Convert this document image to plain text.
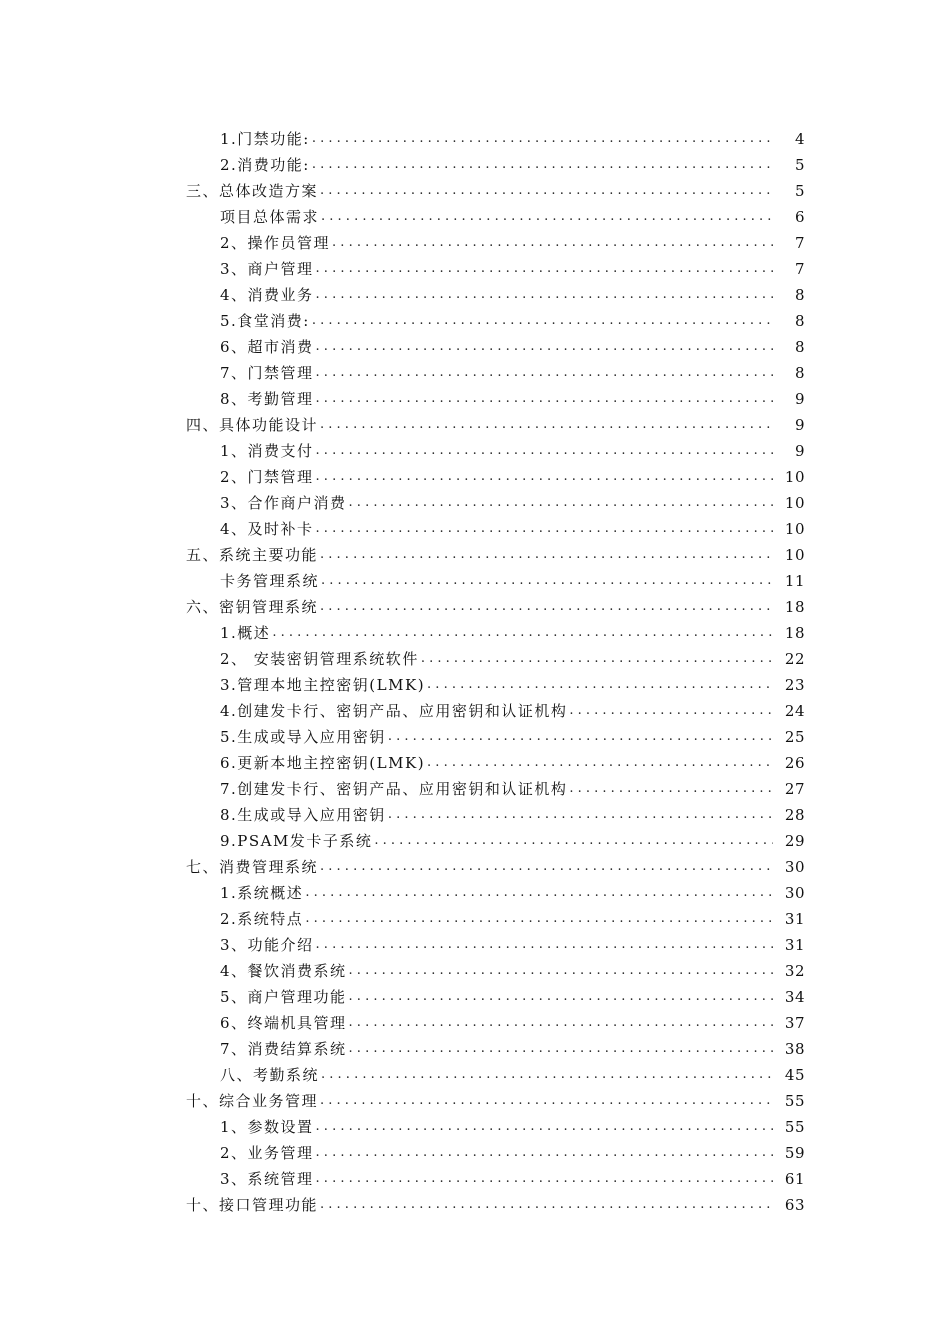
1.门禁功能: . . .	4
2.消费功能: . . .	5
三、总体改造方案 . . .	5
项目总体需求 . . .	6
2、操作员管理 . . .	7
3、商户管理 . . .	7
4、消费业务 . . .	8
5.食堂消费: . . .	8
6、超市消费 . . .	8
7、门禁管理 . . .	8
8、考勤管理 . . .	9
四、具体功能设计 . . .	9
1、消费支付 . . .	9
2、门禁管理 . . .	10
3、合作商户消费 . . .	10
4、及时补卡 . . .	10
五、系统主要功能 . . .	10
卡务管理系统 . . .	11
六、密钥管理系统 . . .	18
1.概述 . . .	18
2、 安装密钥管理系统软件 . . .	22
3.管理本地主控密钥(LMK) . . .	23
4.创建发卡行、密钥产品、应用密钥和认证机构 . . .	24
5.生成或导入应用密钥 . . .	25
6.更新本地主控密钥(LMK) . . .	26
7.创建发卡行、密钥产品、应用密钥和认证机构 . . .	27
8.生成或导入应用密钥 . . .	28
9.PSAM发卡子系统 . . .	29
七、消费管理系统 . . .	30
1.系统概述 . . .	30
2.系统特点 . . .	31
3、功能介绍 . . .	31
4、餐饮消费系统 . . .	32
5、商户管理功能 . . .	34
6、终端机具管理 . . .	37
7、消费结算系统 . . .	38
八、考勤系统 . . .	45
十、综合业务管理 . . .	55
1、参数设置 . . .	55
2、业务管理 . . .	59
3、系统管理 . . .	61
十、接口管理功能 . . .	63
